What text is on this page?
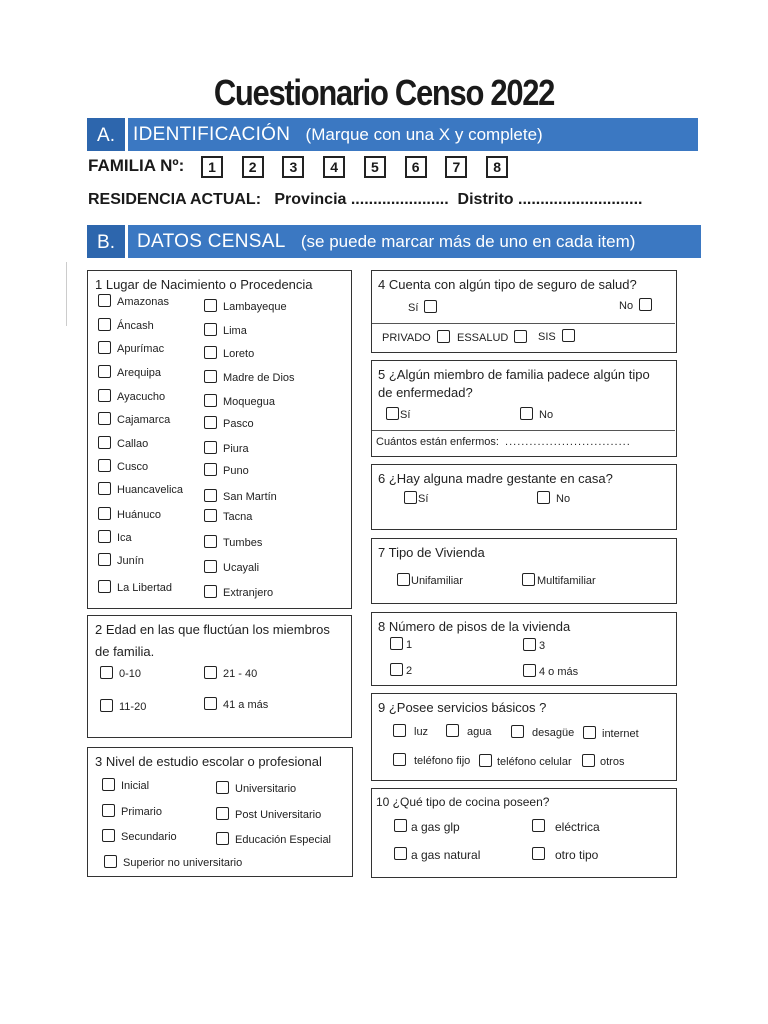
Cuestionario Censo 2022
A. IDENTIFICACIÓN (Marque con una X y complete)
FAMILIA Nº: 1 2 3 4 5 6 7 8
RESIDENCIA ACTUAL: Provincia ...................... Distrito ............................
B.	DATOS CENSAL (se puede marcar más de uno en cada item)
1 Lugar de Nacimiento o Procedencia
Amazonas
Áncash
Apurímac
Arequipa
Ayacucho
Cajamarca
Callao
Cusco
Huancavelica
Huánuco
Ica
Junín
La Libertad
Lambayeque
Lima
Loreto
Madre de Dios
Moquegua
Pasco
Piura
Puno
San Martín
Tacna
Tumbes
Ucayali
Extranjero
2 Edad en las que fluctúan los miembros
de familia.
0-10	21 - 40
11-20	41 a más
3 Nivel de estudio escolar o profesional
Inicial	Universitario
Primario	Post Universitario
Secundario	Educación Especial
Superior no universitario
4 Cuenta con algún tipo de seguro de salud?
Sí	No
PRIVADO	ESSALUD	SIS
5 ¿Algún miembro de familia padece algún tipo
de enfermedad?
Sí	No
Cuántos están enfermos: ...............................
6 ¿Hay alguna madre gestante en casa?
Sí	No
7 Tipo de Vivienda
Unifamiliar	Multifamiliar
8 Número de pisos de la vivienda
1	3
2	4 o más
9 ¿Posee servicios básicos ?
luz	agua	desagüe	internet
teléfono fijo	teléfono celular	otros
10 ¿Qué tipo de cocina poseen?
a gas glp	eléctrica
a gas natural	otro tipo
